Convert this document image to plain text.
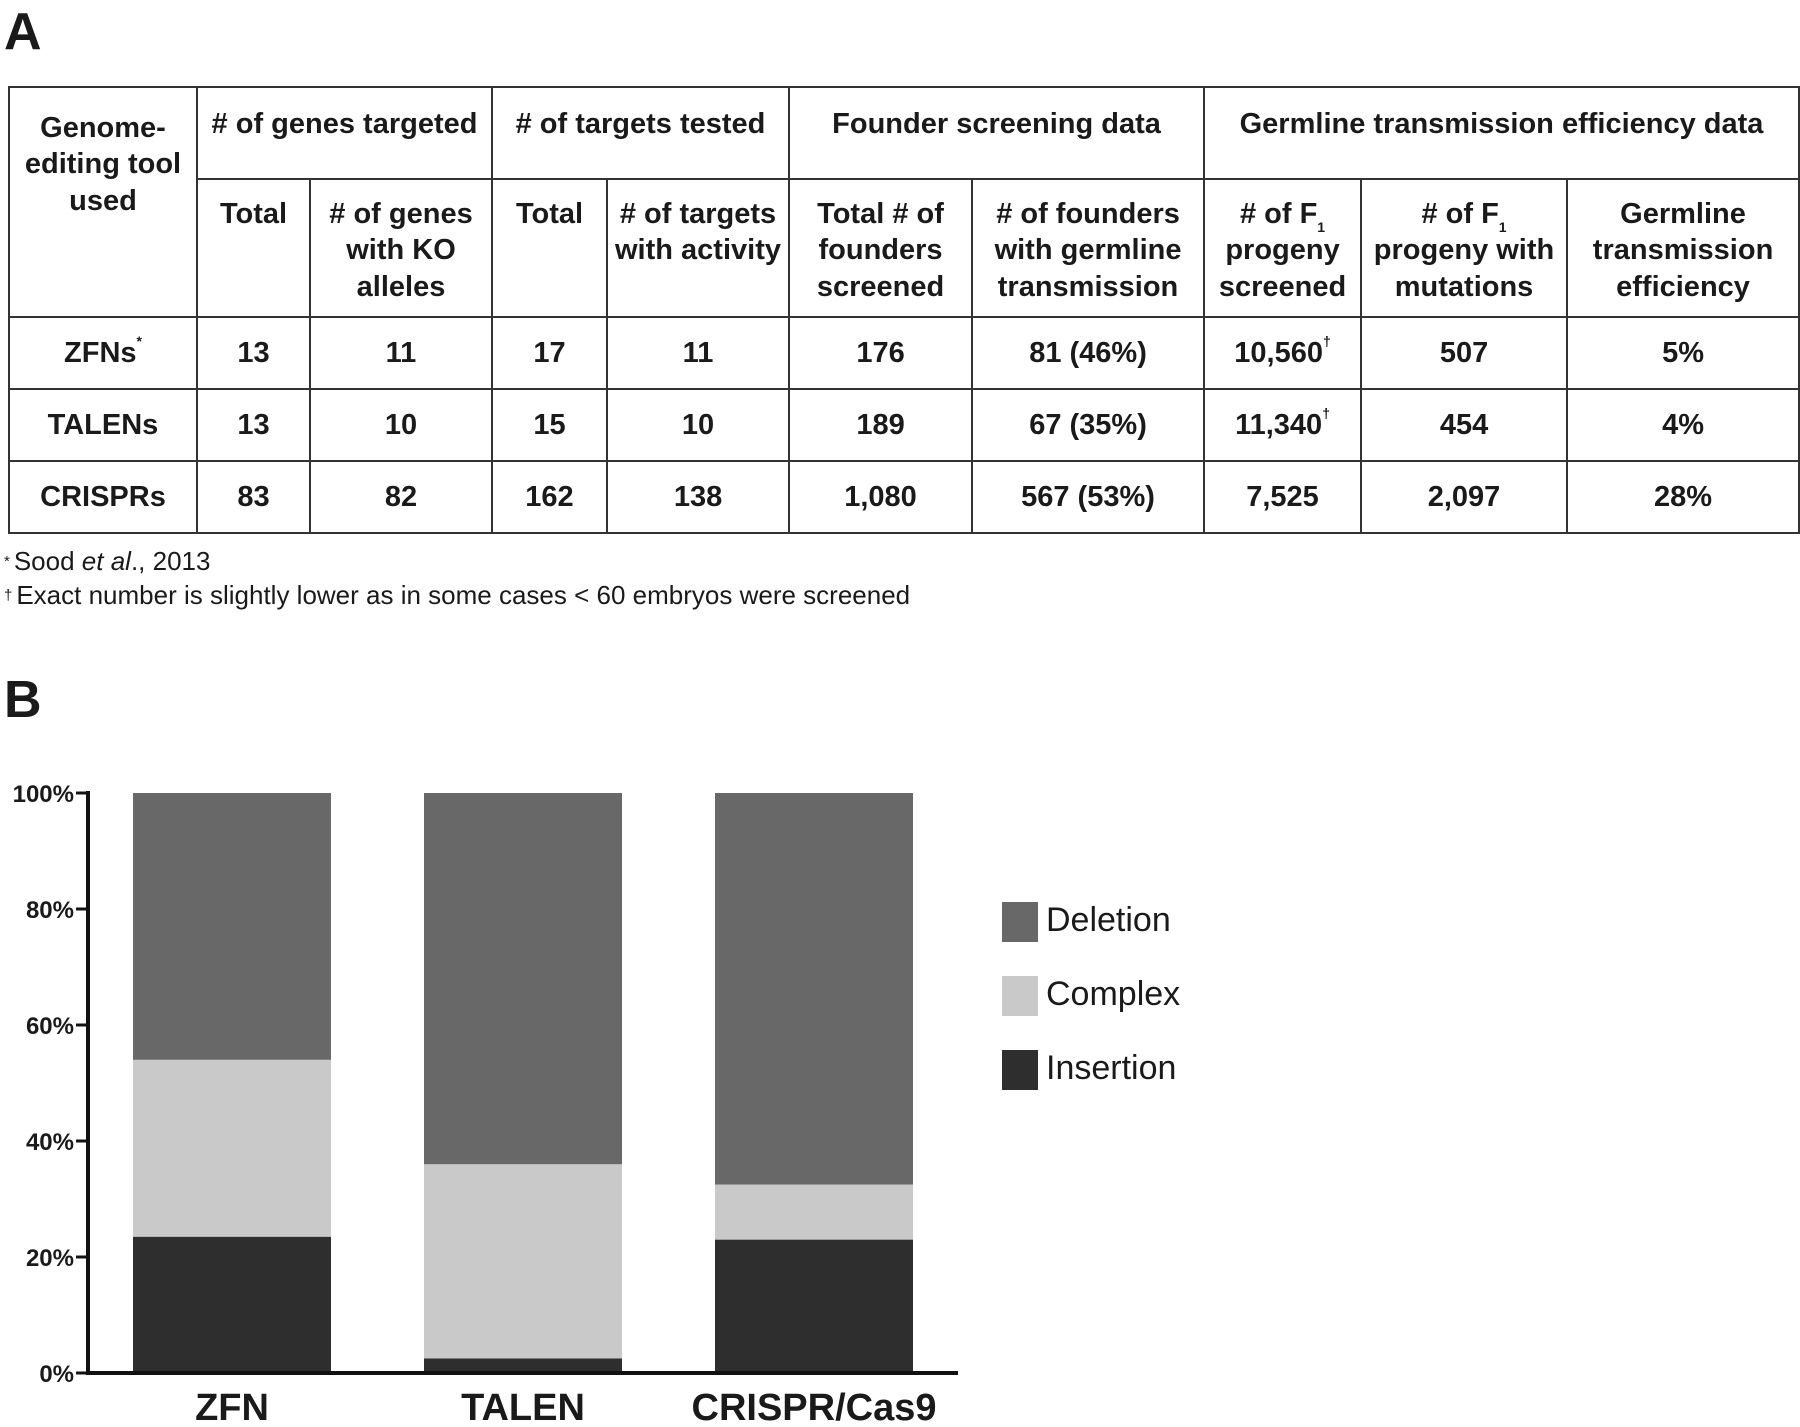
A
Genome-editing tool used	# of genes targeted		# of targets tested		Founder screening data		Germline transmission efficiency data		
	Total	# of genes with KO alleles	Total	# of targets with activity	Total # of founders screened	# of founders with germline transmission	# of $F_1$ progeny screened	# of $F_1$ progeny with mutations	Germline transmission efficiency
ZFNs*	13	11	17	11	176	81 (46%)	10,560†	507	5%
TALENs	13	10	15	10	189	67 (35%)	11,340†	454	4%
CRISPRs	83	82	162	138	1,080	567 (53%)	7,525	2,097	28%
* Sood et al., 2013
† Exact number is slightly lower as in some cases < 60 embryos were screened
B
ZFN	TALEN	CRISPR/Cas9
0%
20%
40%
60%
80%
100%
Deletion
Complex
Insertion
